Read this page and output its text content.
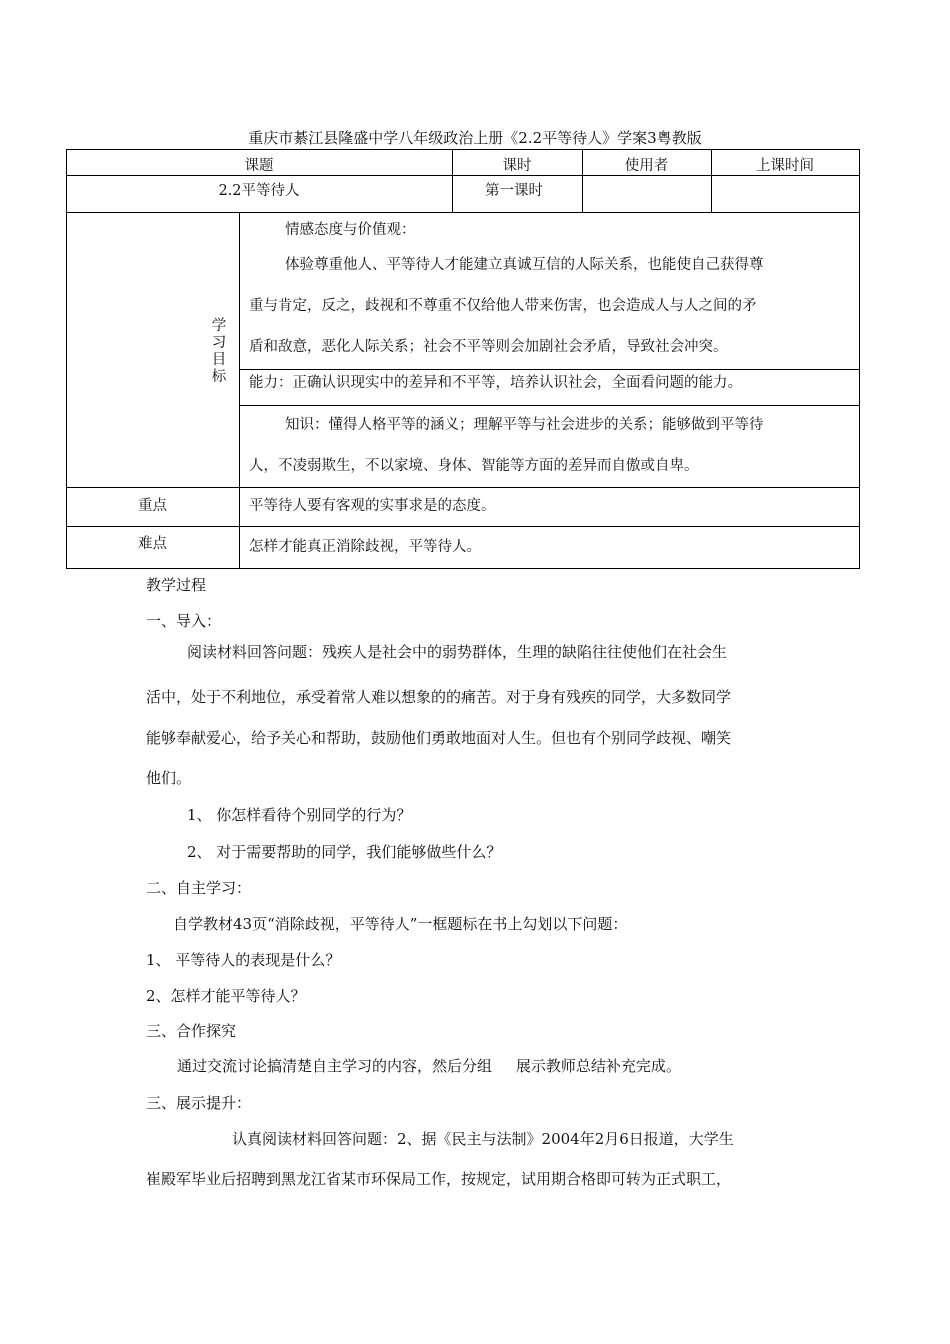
重庆市綦江县隆盛中学八年级政治上册《2.2平等待人》学案3粤教版
课题	课时	使用者	上课时间
2.2平等待人	第一课时
学习目标
情感态度与价值观：
体验尊重他人、平等待人才能建立真诚互信的人际关系，也能使自己获得尊
重与肯定，反之，歧视和不尊重不仅给他人带来伤害，也会造成人与人之间的矛
盾和敌意，恶化人际关系；社会不平等则会加剧社会矛盾，导致社会冲突。
能力：正确认识现实中的差异和不平等，培养认识社会，全面看问题的能力。
知识：懂得人格平等的涵义；理解平等与社会进步的关系；能够做到平等待
人，不凌弱欺生，不以家境、身体、智能等方面的差异而自傲或自卑。
重点	平等待人要有客观的实事求是的态度。
难点	怎样才能真正消除歧视，平等待人。
教学过程
一、导入：
阅读材料回答问题：残疾人是社会中的弱势群体，生理的缺陷往往使他们在社会生
活中，处于不利地位，承受着常人难以想象的的痛苦。对于身有残疾的同学，大多数同学
能够奉献爱心，给予关心和帮助，鼓励他们勇敢地面对人生。但也有个别同学歧视、嘲笑
他们。
1、 你怎样看待个别同学的行为？
2、 对于需要帮助的同学，我们能够做些什么？
二、自主学习：
自学教材43页“消除歧视，平等待人”一框题标在书上勾划以下问题：
1、 平等待人的表现是什么？
2、怎样才能平等待人？
三、合作探究
通过交流讨论搞清楚自主学习的内容，然后分组     展示教师总结补充完成。
三、展示提升：
认真阅读材料回答问题：2、据《民主与法制》2004年2月6日报道，大学生
崔殿军毕业后招聘到黑龙江省某市环保局工作，按规定，试用期合格即可转为正式职工，
